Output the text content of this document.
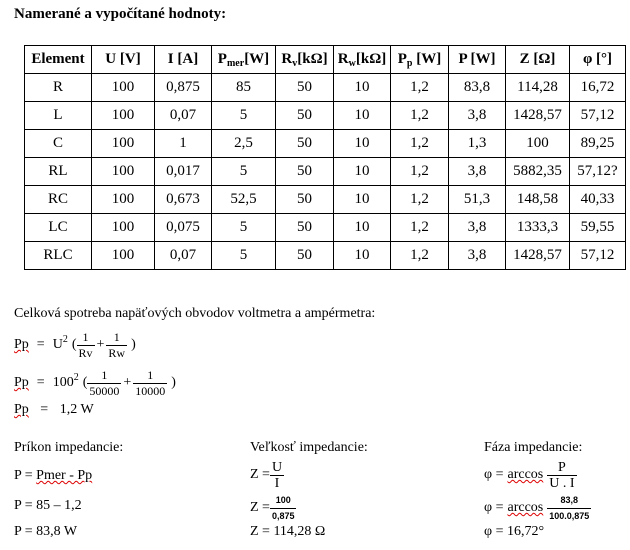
Namerané a vypočítané hodnoty:
Element	U [V]	I [A]	$P_{mer}[W]$	$R_v[k\Omega]$	$R_w[k\Omega]$	$P_p$ [W]	P [W]	Z [Ω]	φ [°]
R	100	0,875	85	50	10	1,2	83,8	114,28	16,72
L	100	0,07	5	50	10	1,2	3,8	1428,57	57,12
C	100	1	2,5	50	10	1,2	1,3	100	89,25
RL	100	0,017	5	50	10	1,2	3,8	5882,35	57,12?
RC	100	0,673	52,5	50	10	1,2	51,3	148,58	40,33
LC	100	0,075	5	50	10	1,2	3,8	1333,3	59,55
RLC	100	0,07	5	50	10	1,2	3,8	1428,57	57,12
Celková spotreba napäťových obvodov voltmetra a ampérmetra:
Pp = U 2 ( $\frac{1}{Rv} + \frac{1}{Rw}$ )
Pp = 100 2 ( $\frac{1}{50000} + \frac{1}{10000}$ )
Pp = 1,2 W
Príkon impedancie:
P = Pmer - Pp
P = 85 – 1,2
P = 83,8 W
Veľkosť impedancie:
$Z = \frac{U}{I}$
$Z = \frac{100}{0,875}$
Z = 114,28 Ω
Fáza impedancie:
$\varphi = \arccos \frac{P}{U . I}$
$\varphi = \arccos \frac{83,8}{100.0,875}$
φ = 16,72°
